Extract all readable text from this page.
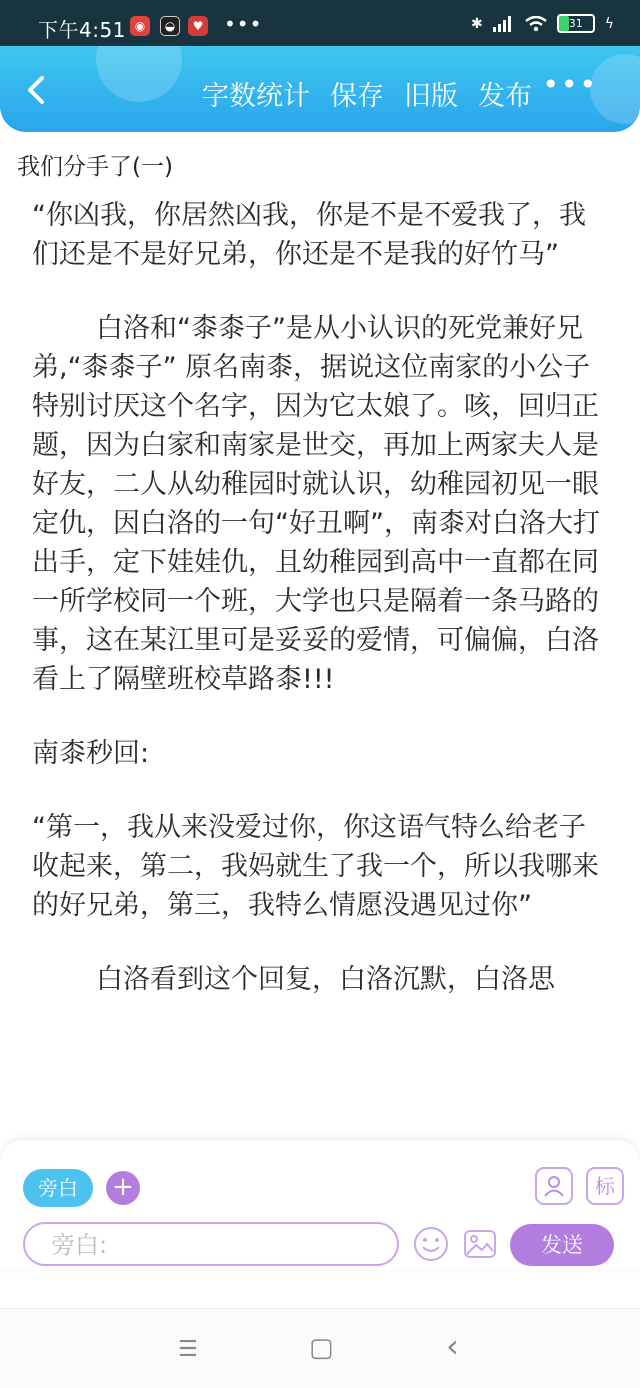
下午4:51 ◉	◒	♥ •••	✱	31	ϟ
字数统计 保存 旧版 发布 •••
我们分手了(一)

“你凶我，你居然凶我，你是不是不爱我了，我们还是不是好兄弟，你还是不是我的好竹马”

白洛和“桼桼子”是从小认识的死党兼好兄弟,“桼桼子” 原名南桼，据说这位南家的小公子特别讨厌这个名字，因为它太娘了。咳，回归正题，因为白家和南家是世交，再加上两家夫人是好友，二人从幼稚园时就认识，幼稚园初见一眼定仇，因白洛的一句“好丑啊”，南桼对白洛大打出手，定下娃娃仇，且幼稚园到高中一直都在同一所学校同一个班，大学也只是隔着一条马路的事，这在某江里可是妥妥的爱情，可偏偏，白洛看上了隔壁班校草路桼!!!

南桼秒回:

“第一，我从来没爱过你，你这语气特么给老子收起来，第二，我妈就生了我一个，所以我哪来的好兄弟，第三，我特么情愿没遇见过你”

白洛看到这个回复，白洛沉默，白洛思

旁白	+	标
旁白:
发送
☰	▢	‹
